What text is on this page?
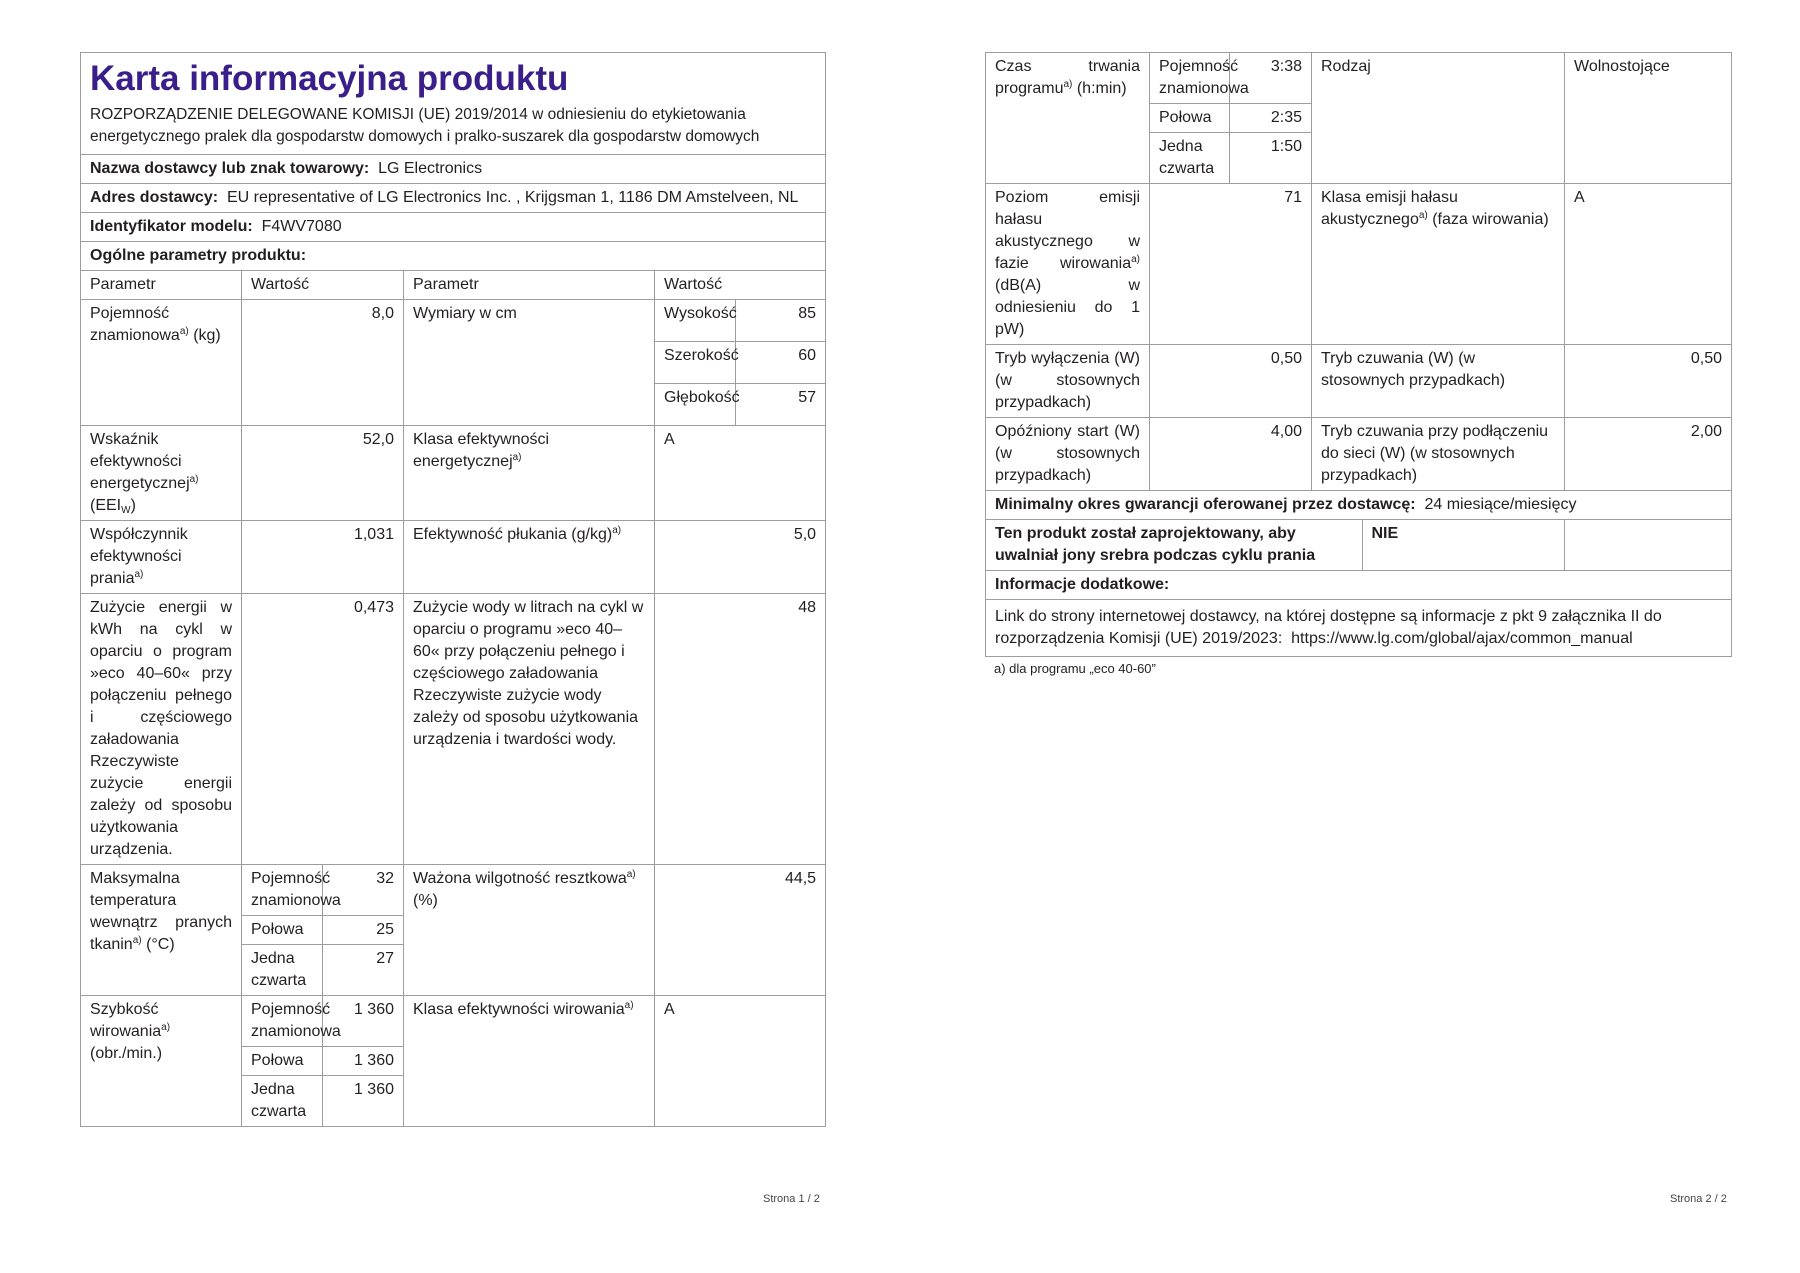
Karta informacyjna produktu
ROZPORZĄDZENIE DELEGOWANE KOMISJI (UE) 2019/2014 w odniesieniu do etykietowania energetycznego pralek dla gospodarstw domowych i pralko-suszarek dla gospodarstw domowych					

Nazwa dostawcy lub znak towarowy: LG Electronics					
Adres dostawcy: EU representative of LG Electronics Inc. , Krijgsman 1, 1186 DM Amstelveen, NL					
Identyfikator modelu: F4WV7080					
Ogólne parametry produktu:					
Parametr	Wartość		Parametr	Wartość	
Pojemność znamionowa$^{a)}$ (kg)	8,0		Wymiary w cm	Wysokość	85
				Szerokość	60
				Głębokość	57
Wskaźnik efektywności energetycznej$^{a)}$ $(EEI_W)$	52,0		Klasa efektywności energetycznej$^{a)}$	A	
Współczynnik efektywności prania$^{a)}$	1,031		Efektywność płukania $(g/kg)^{a)}$	5,0	
Zużycie energii w kWh na cykl w oparciu o program »eco 40–60« przy połączeniu pełnego i częściowego załadowania Rzeczywiste zużycie energii zależy od sposobu użytkowania urządzenia.	0,473		Zużycie wody w litrach na cykl w oparciu o programu »eco 40–60« przy połączeniu pełnego i częściowego załadowania Rzeczywiste zużycie wody zależy od sposobu użytkowania urządzenia i twardości wody.	48	
Maksymalna temperatura wewnątrz pranych tkanin$^{a)}$ (°C)	Pojemność znamionowa	32	Ważona wilgotność resztkowa$^{a)}$ (%)	44,5	
	Połowa	25			
	Jedna czwarta	27			
Szybkość wirowania$^{a)}$ (obr./min.)	Pojemność znamionowa	1 360	Klasa efektywności wirowania$^{a)}$	A	
	Połowa	1 360			
	Jedna czwarta	1 360			
Strona 1 / 2
Czas trwania programu$^{a)}$ (h:min)	Pojemność znamionowa	3:38	Rodzaj	Wolnostojące
Połowa	2:35
Jedna czwarta	1:50
Poziom emisji hałasu akustycznego w fazie wirowania$^{a)}$ (dB(A) w odniesieniu do 1 pW)	71	Klasa emisji hałasu akustycznego$^{a)}$ (faza wirowania)	A
Tryb wyłączenia (W) (w stosownych przypadkach)	0,50	Tryb czuwania (W) (w stosownych przypadkach)	0,50
Opóźniony start (W) (w stosownych przypadkach)	4,00	Tryb czuwania przy podłączeniu do sieci (W) (w stosownych przypadkach)	2,00
Minimalny okres gwarancji oferowanej przez dostawcę: 24 miesiące/miesięcy

Ten produkt został zaprojektowany, aby uwalniał jony srebra podczas cyklu prania	NIE

Informacje dodatkowe:
Link do strony internetowej dostawcy, na której dostępne są informacje z pkt 9 załącznika II do rozporządzenia Komisji (UE) 2019/2023: https://www.lg.com/global/ajax/common_manual
a) dla programu „eco 40-60”
Strona 2 / 2
